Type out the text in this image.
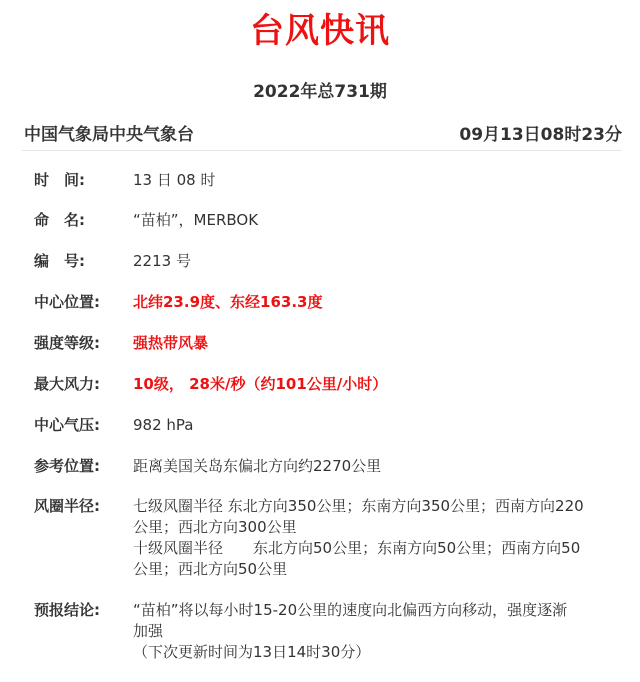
台风快讯
2022年总731期
中国气象局中央气象台	09月13日08时23分
时　间:	13 日 08 时
命　名:	“苗柏”，MERBOK
编　号:	2213 号
中心位置:	北纬23.9度、东经163.3度
强度等级:	强热带风暴
最大风力:	10级， 28米/秒（约101公里/小时）
中心气压:	982 hPa
参考位置:	距离美国关岛东偏北方向约2270公里
风圈半径:	七级风圈半径 东北方向350公里；东南方向350公里；西南方向220
公里；西北方向300公里
十级风圈半径　　东北方向50公里；东南方向50公里；西南方向50
公里；西北方向50公里
预报结论:	“苗柏”将以每小时15-20公里的速度向北偏西方向移动，强度逐渐
加强
（下次更新时间为13日14时30分）
